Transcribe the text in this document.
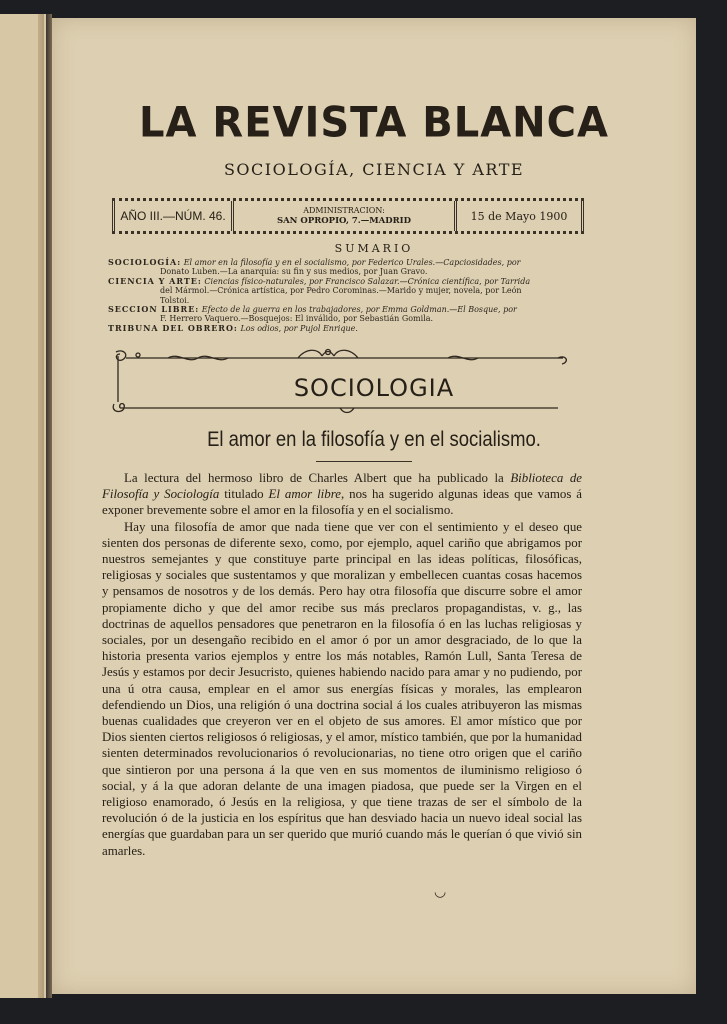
LA REVISTA BLANCA
SOCIOLOGÍA, CIENCIA Y ARTE
AÑO III.—NÚM. 46.	ADMINISTRACION:
SAN OPROPIO, 7.—MADRID	15 de Mayo 1900
SUMARIO

SOCIOLOGÍA: El amor en la filosofía y en el socialismo, por Federico Urales.—Capciosidades, por

Donato Luben.—La anarquía: su fin y sus medios, por Juan Gravo.

CIENCIA Y ARTE: Ciencias físico-naturales, por Francisco Salazar.—Crónica científica, por Tarrida

del Mármol.—Crónica artística, por Pedro Corominas.—Marido y mujer, novela, por León

Tolstoi.

SECCION LIBRE: Efecto de la guerra en los trabajadores, por Emma Goldman.—El Bosque, por

F. Herrero Vaquero.—Bosquejos: El inválido, por Sebastián Gomila.

TRIBUNA DEL OBRERO: Los odios, por Pujol Enrique.

SOCIOLOGIA
El amor en la filosofía y en el socialismo.

La lectura del hermoso libro de Charles Albert que ha publicado la Biblioteca de Filosofía y Sociología titulado El amor libre, nos ha sugerido algunas ideas que vamos á exponer brevemente sobre el amor en la filosofía y en el socialismo.

Hay una filosofía de amor que nada tiene que ver con el sentimiento y el deseo que sienten dos personas de diferente sexo, como, por ejemplo, aquel cariño que abrigamos por nuestros semejantes y que constituye parte principal en las ideas políticas, filosóficas, religiosas y sociales que sustentamos y que moralizan y embellecen cuantas cosas hacemos y pensamos de nosotros y de los demás. Pero hay otra filosofía que discurre sobre el amor propiamente dicho y que del amor recibe sus más preclaros propagandistas, v. g., las doctrinas de aquellos pensadores que penetraron en la filosofía ó en las luchas religiosas y sociales, por un desengaño recibido en el amor ó por un amor desgraciado, de lo que la historia presenta varios ejemplos y entre los más notables, Ramón Lull, Santa Teresa de Jesús y estamos por decir Jesucristo, quienes habiendo nacido para amar y no pudiendo, por una ú otra causa, emplear en el amor sus energías físicas y morales, las emplearon defendiendo un Dios, una religión ó una doctrina social á los cuales atribuyeron las mismas buenas cualidades que creyeron ver en el objeto de sus amores. El amor místico que por Dios sienten ciertos religiosos ó religiosas, y el amor, místico también, que por la humanidad sienten determinados revolucionarios ó revolucionarias, no tiene otro origen que el cariño que sintieron por una persona á la que ven en sus momentos de iluminismo religioso ó social, y á la que adoran delante de una imagen piadosa, que puede ser la Virgen en el religioso enamorado, ó Jesús en la religiosa, y que tiene trazas de ser el símbolo de la revolución ó de la justicia en los espíritus que han desviado hacia un nuevo ideal social las energías que guardaban para un ser querido que murió cuando más le querían ó que vivió sin amarles.

◡
